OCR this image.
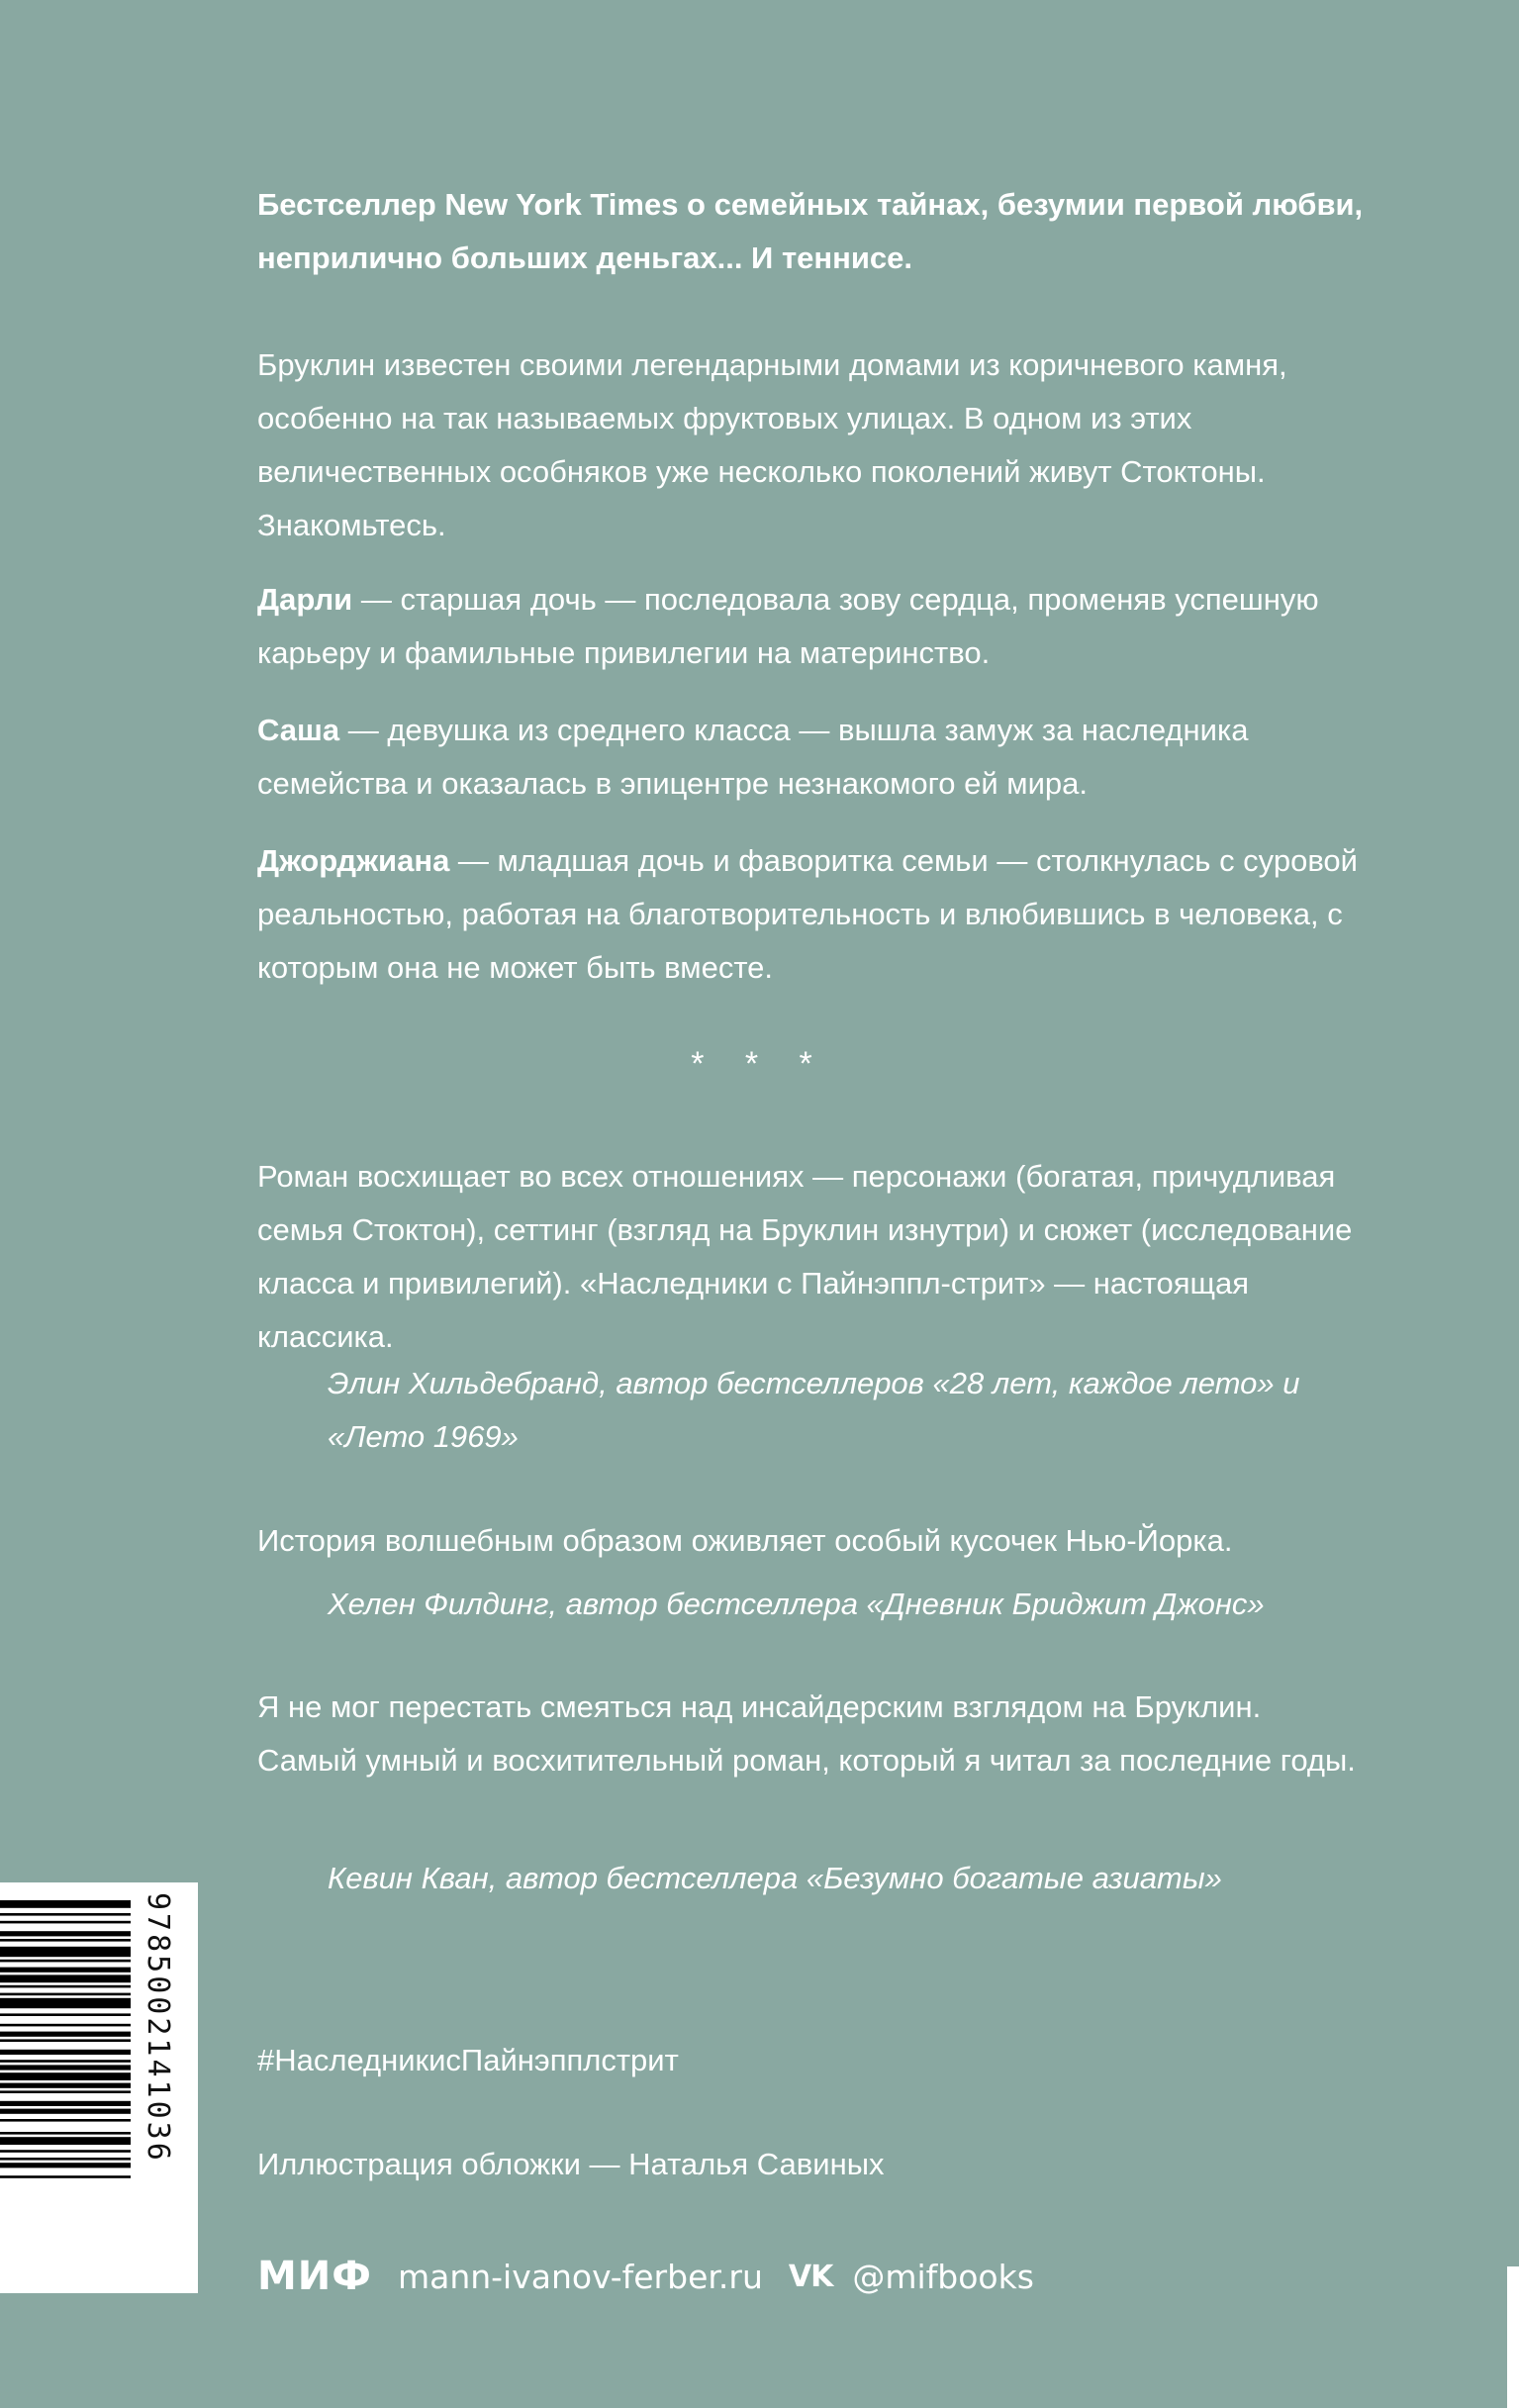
Бестселлер New York Times о семейных тайнах, безумии первой любви, неприлично больших деньгах... И теннисе.

Бруклин известен своими легендарными домами из коричневого камня, особенно на так называемых фруктовых улицах. В одном из этих величественных особняков уже несколько поколений живут Стоктоны. Знакомьтесь.

Дарли — старшая дочь — последовала зову сердца, променяв успешную карьеру и фамильные привилегии на материнство.

Саша — девушка из среднего класса — вышла замуж за наследника семейства и оказалась в эпицентре незнакомого ей мира.

Джорджиана — младшая дочь и фаворитка семьи — столкнулась с суровой реальностью, работая на благотворительность и влюбившись в человека, с которым она не может быть вместе.

* * *

Роман восхищает во всех отношениях — персонажи (богатая, причудливая семья Стоктон), сеттинг (взгляд на Бруклин изнутри) и сюжет (исследование класса и привилегий). «Наследники с Пайнэппл-стрит» — настоящая классика.

Элин Хильдебранд, автор бестселлеров «28 лет, каждое лето» и «Лето 1969»

История волшебным образом оживляет особый кусочек Нью-Йорка.

Хелен Филдинг, автор бестселлера «Дневник Бриджит Джонс»

Я не мог перестать смеяться над инсайдерским взглядом на Бруклин. Самый умный и восхитительный роман, который я читал за последние годы.

Кевин Кван, автор бестселлера «Безумно богатые азиаты»

#НаследникисПайнэпплстрит

Иллюстрация обложки — Наталья Савиных

МИФ mann-ivanov-ferber.ru VK @mifbooks
9785002141036
